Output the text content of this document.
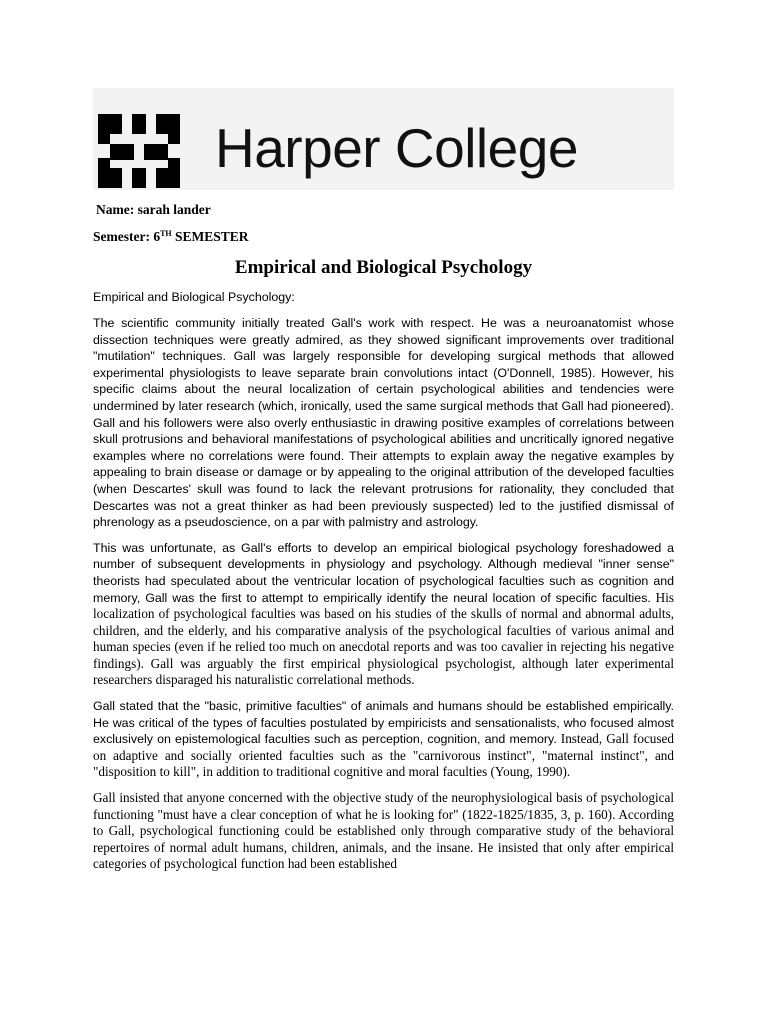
Harper College
Name: sarah lander
Semester: 6TH SEMESTER
Empirical and Biological Psychology
Empirical and Biological Psychology:

The scientific community initially treated Gall's work with respect. He was a neuroanatomist whose dissection techniques were greatly admired, as they showed significant improvements over traditional "mutilation" techniques. Gall was largely responsible for developing surgical methods that allowed experimental physiologists to leave separate brain convolutions intact (O'Donnell, 1985). However, his specific claims about the neural localization of certain psychological abilities and tendencies were undermined by later research (which, ironically, used the same surgical methods that Gall had pioneered). Gall and his followers were also overly enthusiastic in drawing positive examples of correlations between skull protrusions and behavioral manifestations of psychological abilities and uncritically ignored negative examples where no correlations were found. Their attempts to explain away the negative examples by appealing to brain disease or damage or by appealing to the original attribution of the developed faculties (when Descartes' skull was found to lack the relevant protrusions for rationality, they concluded that Descartes was not a great thinker as had been previously suspected) led to the justified dismissal of phrenology as a pseudoscience, on a par with palmistry and astrology.

This was unfortunate, as Gall's efforts to develop an empirical biological psychology foreshadowed a number of subsequent developments in physiology and psychology. Although medieval "inner sense" theorists had speculated about the ventricular location of psychological faculties such as cognition and memory, Gall was the first to attempt to empirically identify the neural location of specific faculties. His localization of psychological faculties was based on his studies of the skulls of normal and abnormal adults, children, and the elderly, and his comparative analysis of the psychological faculties of various animal and human species (even if he relied too much on anecdotal reports and was too cavalier in rejecting his negative findings). Gall was arguably the first empirical physiological psychologist, although later experimental researchers disparaged his naturalistic correlational methods.

Gall stated that the "basic, primitive faculties" of animals and humans should be established empirically. He was critical of the types of faculties postulated by empiricists and sensationalists, who focused almost exclusively on epistemological faculties such as perception, cognition, and memory. Instead, Gall focused on adaptive and socially oriented faculties such as the "carnivorous instinct", "maternal instinct", and "disposition to kill", in addition to traditional cognitive and moral faculties (Young, 1990).

Gall insisted that anyone concerned with the objective study of the neurophysiological basis of psychological functioning "must have a clear conception of what he is looking for" (1822-1825/1835, 3, p. 160). According to Gall, psychological functioning could be established only through comparative study of the behavioral repertoires of normal adult humans, children, animals, and the insane. He insisted that only after empirical categories of psychological function had been established
